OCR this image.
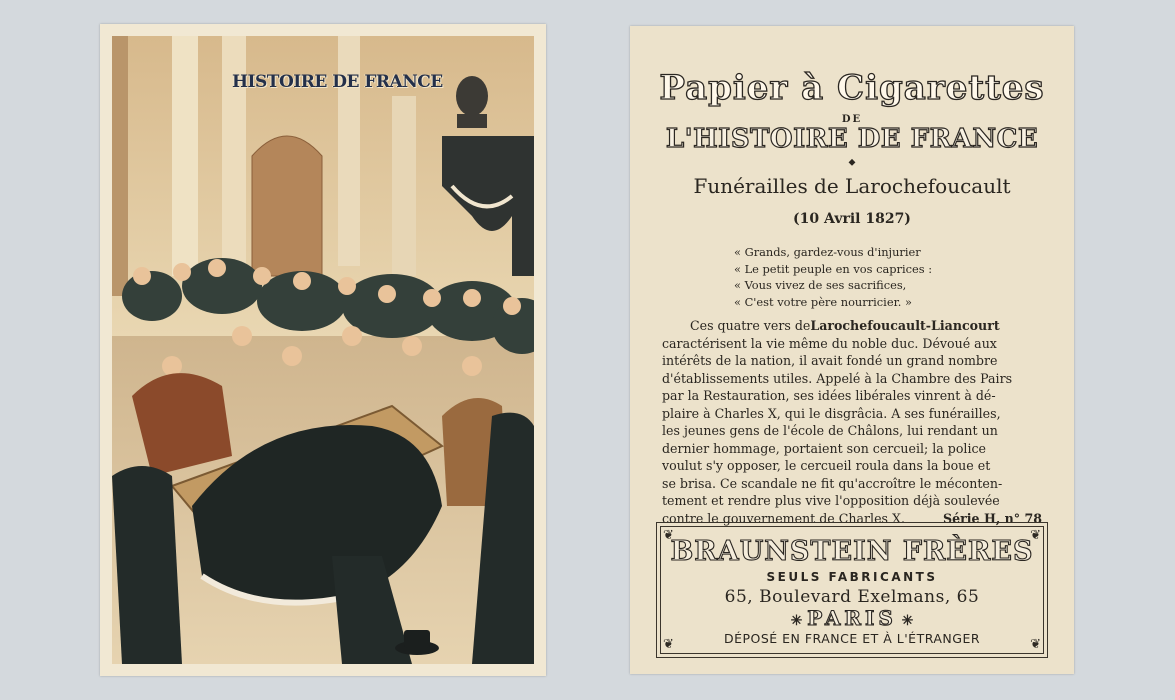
HISTOIRE DE FRANCE	Papier à Cigarettes
DE
L'HISTOIRE DE FRANCE
⬥
Funérailles de Larochefoucault
(10 Avril 1827)
« Grands, gardez-vous d'injurier
« Le petit peuple en vos caprices :
« Vous vivez de ses sacrifices,
« C'est votre père nourricier. »
Ces quatre vers de Larochefoucault-Liancourt
caractérisent la vie même du noble duc. Dévoué aux
intérêts de la nation, il avait fondé un grand nombre
d'établissements utiles. Appelé à la Chambre des Pairs
par la Restauration, ses idées libérales vinrent à dé-
plaire à Charles X, qui le disgrâcia. A ses funérailles,
les jeunes gens de l'école de Châlons, lui rendant un
dernier hommage, portaient son cercueil; la police
voulut s'y opposer, le cercueil roula dans la boue et
se brisa. Ce scandale ne fit qu'accroître le méconten-
tement et rendre plus vive l'opposition déjà soulevée
contre le gouvernement de Charles X.	Série H, n° 78
❦	❦
❦	❦
BRAUNSTEIN FRÈRES
SEULS FABRICANTS
65, Boulevard Exelmans, 65
✳ PARIS ✳
DÉPOSÉ EN FRANCE ET À L'ÉTRANGER
